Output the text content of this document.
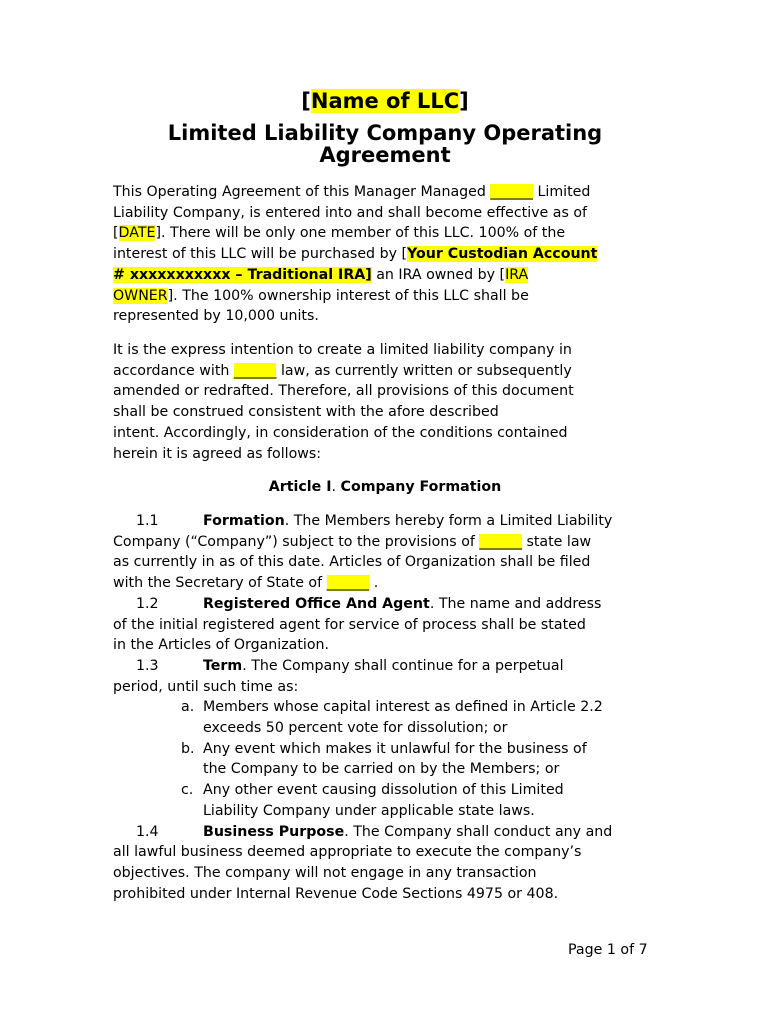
[Name of LLC]
Limited Liability Company Operating
Agreement
This Operating Agreement of this Manager Managed ______ Limited
Liability Company, is entered into and shall become effective as of
[DATE]. There will be only one member of this LLC. 100% of the
interest of this LLC will be purchased by [Your Custodian Account
# xxxxxxxxxxx – Traditional IRA] an IRA owned by [IRA
OWNER]. The 100% ownership interest of this LLC shall be
represented by 10,000 units.
It is the express intention to create a limited liability company in
accordance with ______ law, as currently written or subsequently
amended or redrafted. Therefore, all provisions of this document
shall be construed consistent with the afore described
intent. Accordingly, in consideration of the conditions contained
herein it is agreed as follows:
Article I. Company Formation
1.1	Formation. The Members hereby form a Limited Liability
Company (“Company”) subject to the provisions of ______ state law
as currently in as of this date. Articles of Organization shall be filed
with the Secretary of State of ______ .
1.2	Registered Office And Agent. The name and address
of the initial registered agent for service of process shall be stated
in the Articles of Organization.
1.3	Term. The Company shall continue for a perpetual
period, until such time as:
a. Members whose capital interest as defined in Article 2.2
exceeds 50 percent vote for dissolution; or
b. Any event which makes it unlawful for the business of
the Company to be carried on by the Members; or
c. Any other event causing dissolution of this Limited
Liability Company under applicable state laws.
1.4	Business Purpose. The Company shall conduct any and
all lawful business deemed appropriate to execute the company’s
objectives. The company will not engage in any transaction
prohibited under Internal Revenue Code Sections 4975 or 408.
Page 1 of 7
